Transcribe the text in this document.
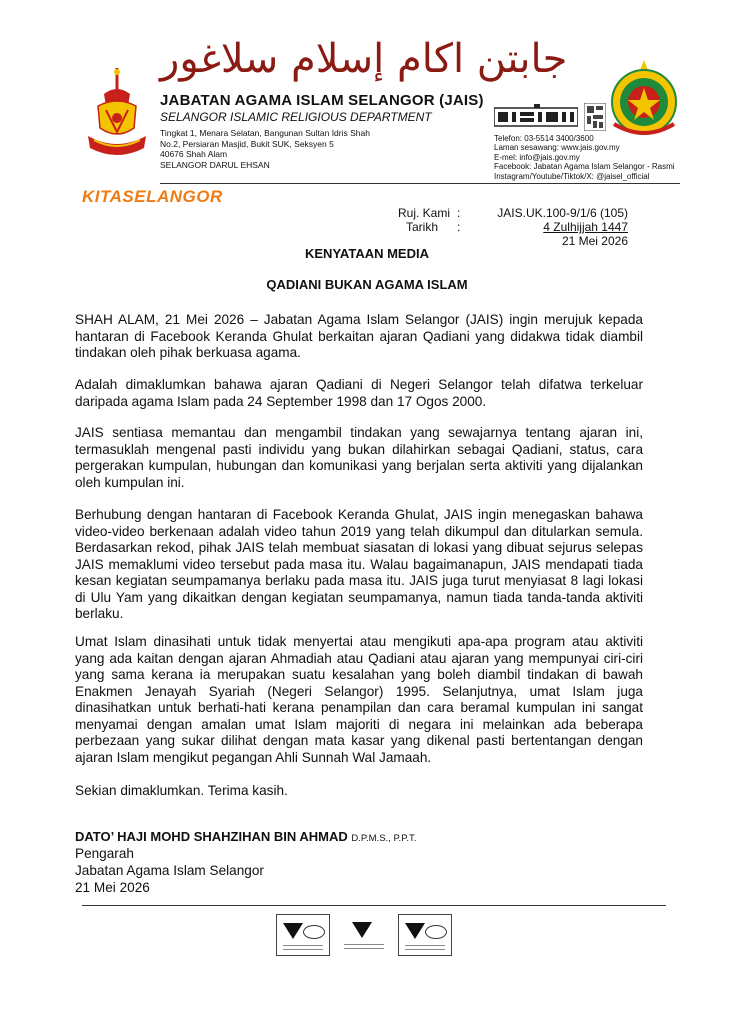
جابتن اكام إسلام سلاغور
JABATAN AGAMA ISLAM SELANGOR (JAIS)
SELANGOR ISLAMIC RELIGIOUS DEPARTMENT
Tingkat 1, Menara Selatan, Bangunan Sultan Idris Shah
No.2, Persiaran Masjid, Bukit SUK, Seksyen 5
40676 Shah Alam
SELANGOR DARUL EHSAN
Telefon: 03-5514 3400/3600
Laman sesawang: www.jais.gov.my
E-mel: info@jais.gov.my
Facebook: Jabatan Agama Islam Selangor - Rasmi
Instagram/Youtube/Tiktok/X: @jaisel_official
KITASELANGOR
Ruj. Kami
Tarikh
:
:
JAIS.UK.100-9/1/6 (105)
4 Zulhijjah 1447
21 Mei 2026
KENYATAAN MEDIA
QADIANI BUKAN AGAMA ISLAM

SHAH ALAM, 21 Mei 2026 – Jabatan Agama Islam Selangor (JAIS) ingin merujuk kepada hantaran di Facebook Keranda Ghulat berkaitan ajaran Qadiani yang didakwa tidak diambil tindakan oleh pihak berkuasa agama.

Adalah dimaklumkan bahawa ajaran Qadiani di Negeri Selangor telah difatwa terkeluar daripada agama Islam pada 24 September 1998 dan 17 Ogos 2000.

JAIS sentiasa memantau dan mengambil tindakan yang sewajarnya tentang ajaran ini, termasuklah mengenal pasti individu yang bukan dilahirkan sebagai Qadiani, status, cara pergerakan kumpulan, hubungan dan komunikasi yang berjalan serta aktiviti yang dijalankan oleh kumpulan ini.

Berhubung dengan hantaran di Facebook Keranda Ghulat, JAIS ingin menegaskan bahawa video-video berkenaan adalah video tahun 2019 yang telah dikumpul dan ditularkan semula. Berdasarkan rekod, pihak JAIS telah membuat siasatan di lokasi yang dibuat sejurus selepas JAIS memaklumi video tersebut pada masa itu. Walau bagaimanapun, JAIS mendapati tiada kesan kegiatan seumpamanya berlaku pada masa itu. JAIS juga turut menyiasat 8 lagi lokasi di Ulu Yam yang dikaitkan dengan kegiatan seumpamanya, namun tiada tanda-tanda aktiviti berlaku.

Umat Islam dinasihati untuk tidak menyertai atau mengikuti apa-apa program atau aktiviti yang ada kaitan dengan ajaran Ahmadiah atau Qadiani atau ajaran yang mempunyai ciri-ciri yang sama kerana ia merupakan suatu kesalahan yang boleh diambil tindakan di bawah Enakmen Jenayah Syariah (Negeri Selangor) 1995. Selanjutnya, umat Islam juga dinasihatkan untuk berhati-hati kerana penampilan dan cara beramal kumpulan ini sangat menyamai dengan amalan umat Islam majoriti di negara ini melainkan ada beberapa perbezaan yang sukar dilihat dengan mata kasar yang dikenal pasti bertentangan dengan ajaran Islam mengikut pegangan Ahli Sunnah Wal Jamaah.

Sekian dimaklumkan. Terima kasih.

DATO’ HAJI MOHD SHAHZIHAN BIN AHMAD D.P.M.S., P.P.T.
Pengarah
Jabatan Agama Islam Selangor
21 Mei 2026
